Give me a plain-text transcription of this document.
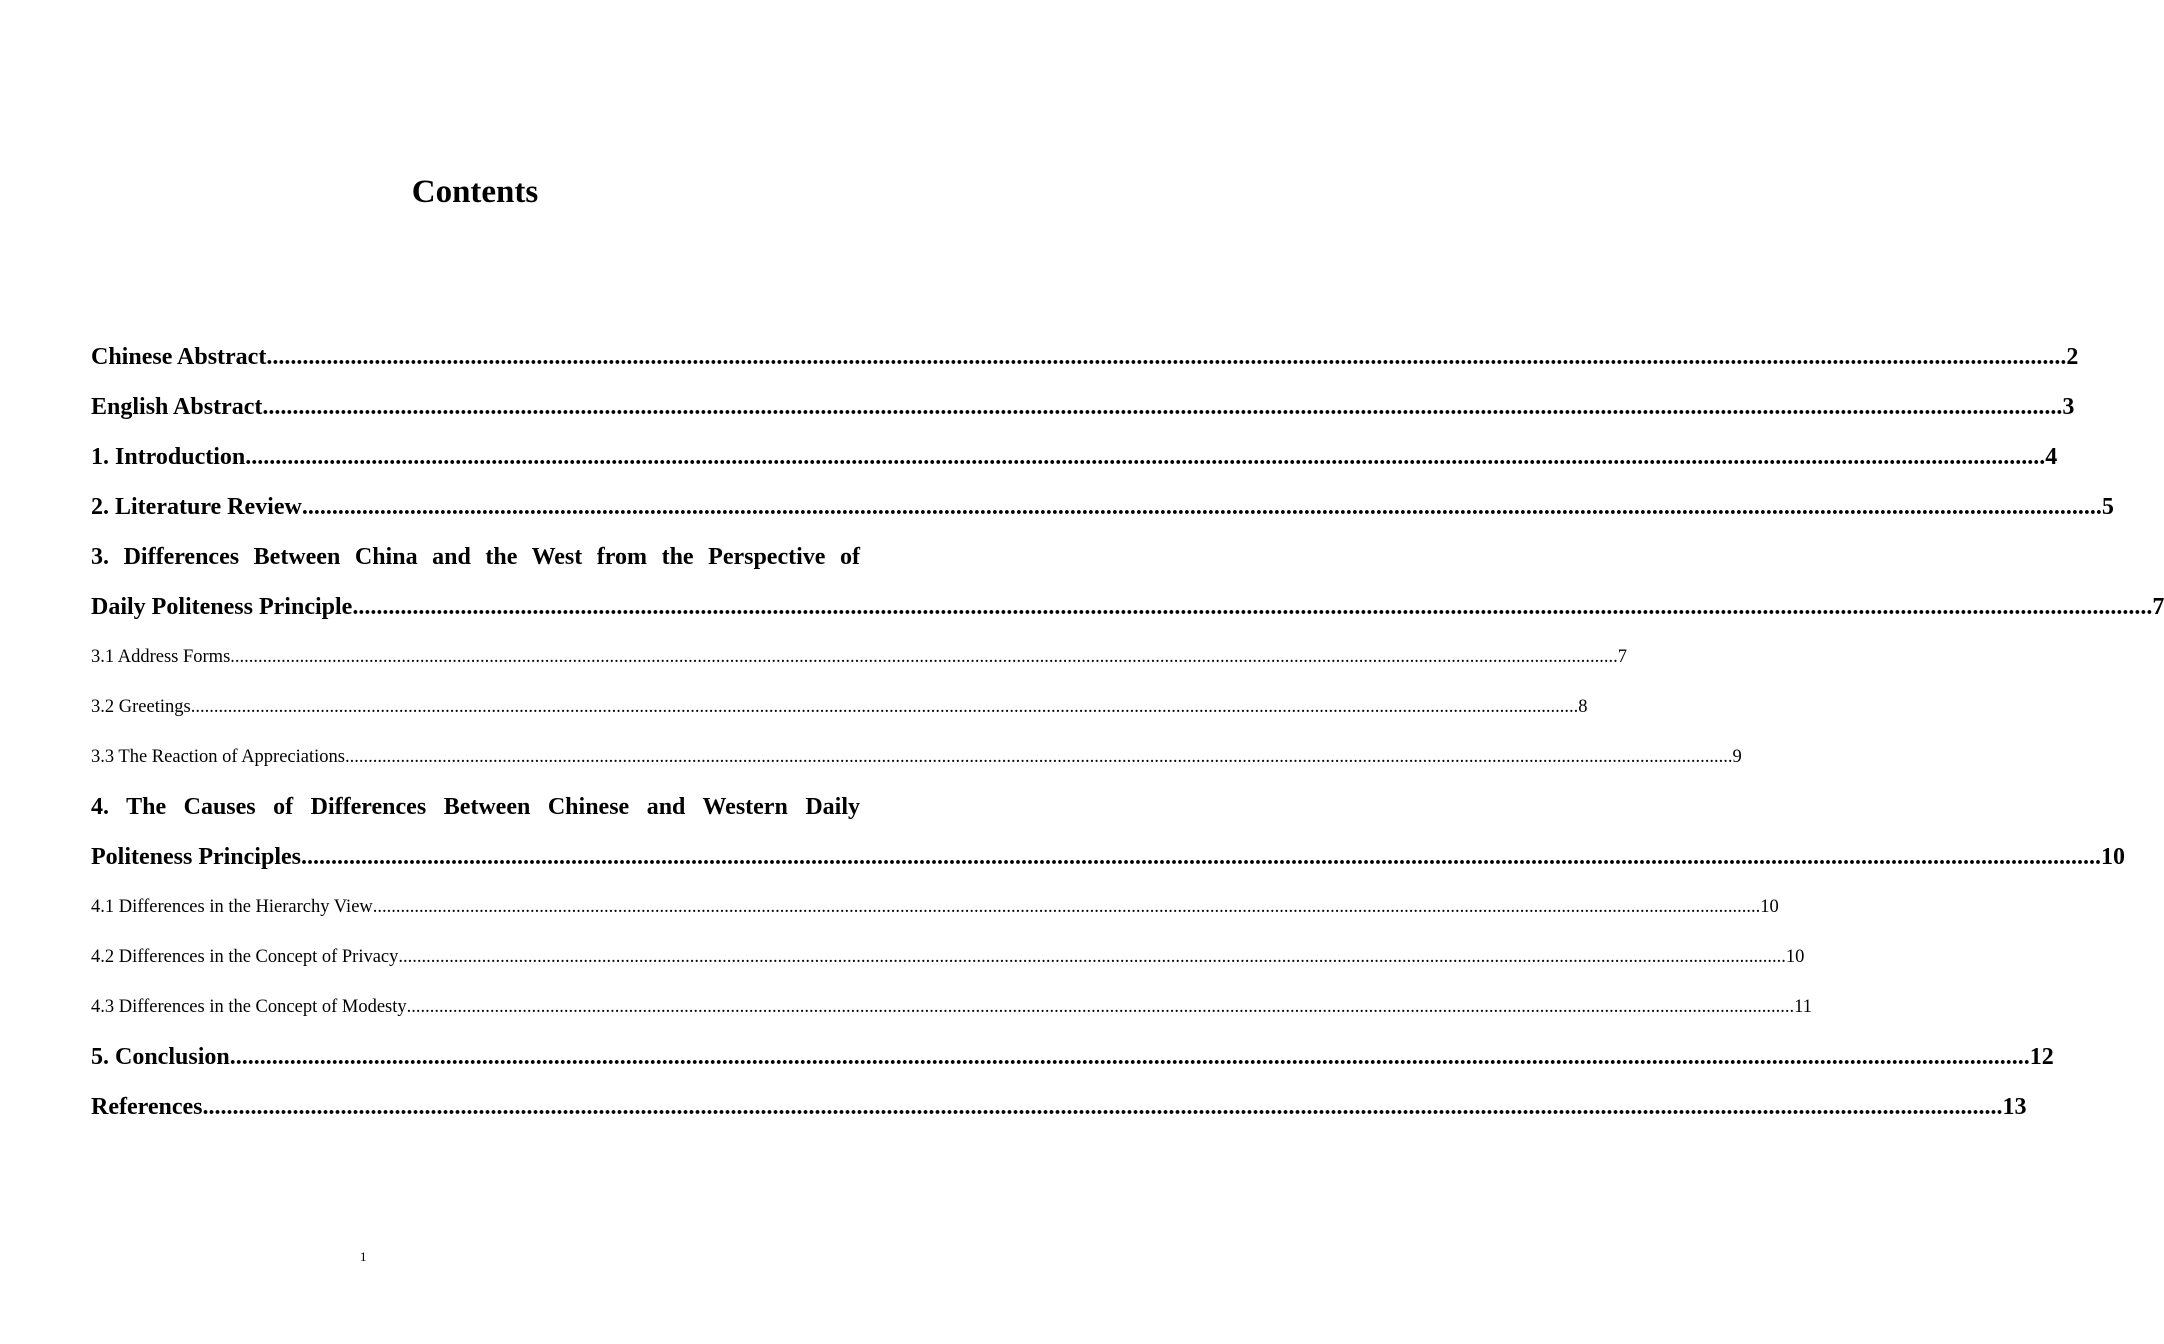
Contents
Chinese Abstract ............................................................................................................................................................................................................................................................................................................ 2
English Abstract ............................................................................................................................................................................................................................................................................................................ 3
1. Introduction ............................................................................................................................................................................................................................................................................................................ 4
2. Literature Review ............................................................................................................................................................................................................................................................................................................ 5
3. Differences Between China and the West from the Perspective of
Daily Politeness Principle ............................................................................................................................................................................................................................................................................................................ 7
3.1 Address Forms ............................................................................................................................................................................................................................................................................................................ 7
3.2 Greetings ............................................................................................................................................................................................................................................................................................................ 8
3.3 The Reaction of Appreciations ............................................................................................................................................................................................................................................................................................................ 9
4. The Causes of Differences Between Chinese and Western Daily
Politeness Principles ............................................................................................................................................................................................................................................................................................................ 10
4.1 Differences in the Hierarchy View ............................................................................................................................................................................................................................................................................................................ 10
4.2 Differences in the Concept of Privacy ............................................................................................................................................................................................................................................................................................................ 10
4.3 Differences in the Concept of Modesty ............................................................................................................................................................................................................................................................................................................ 11
5. Conclusion ............................................................................................................................................................................................................................................................................................................ 12
References ............................................................................................................................................................................................................................................................................................................ 13
1
